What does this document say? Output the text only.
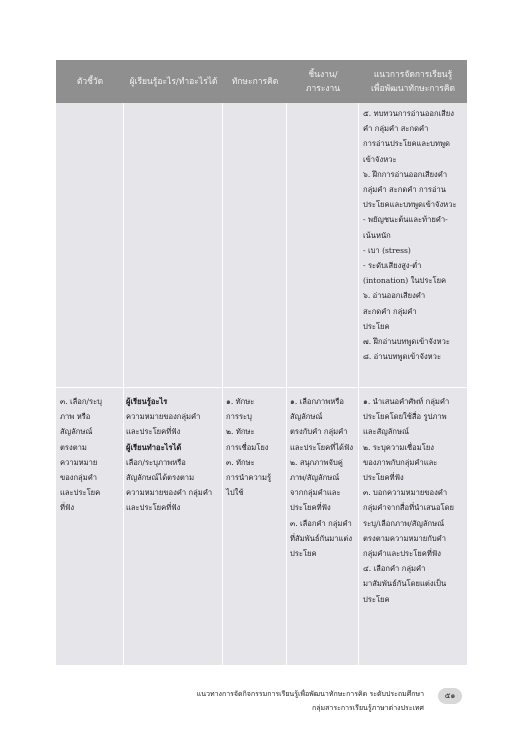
ตัวชี้วัด	ผู้เรียนรู้อะไร/ทำอะไรได้	ทักษะการคิด
ชิ้นงาน/
ภาระงาน
แนวการจัดการเรียนรู้
เพื่อพัฒนาทักษะการคิด
๕. ทบทวนการอ่านออกเสียง
คำ กลุ่มคำ สะกดคำ
การอ่านประโยคและบทพูด
เข้าจังหวะ
๖. ฝึกการอ่านออกเสียงคำ
กลุ่มคำ สะกดคำ การอ่าน
ประโยคและบทพูดเข้าจังหวะ
- พยัญชนะต้นและท้ายคำ-
เน้นหนัก
- เบา (stress)
- ระดับเสียงสูง-ต่ำ
(intonation) ในประโยค
๖. อ่านออกเสียงคำ
สะกดคำ กลุ่มคำ
ประโยค
๗. ฝึกอ่านบทพูดเข้าจังหวะ
๘. อ่านบทพูดเข้าจังหวะ
๓. เลือก/ระบุ
ภาพ หรือ
สัญลักษณ์
ตรงตาม
ความหมาย
ของกลุ่มคำ
และประโยค
ที่ฟัง
ผู้เรียนรู้อะไร
ความหมายของกลุ่มคำ
และประโยคที่ฟัง
ผู้เรียนทำอะไรได้
เลือก/ระบุภาพหรือ
สัญลักษณ์ได้ตรงตาม
ความหมายของคำ กลุ่มคำ
และประโยคที่ฟัง
๑. ทักษะ
การระบุ
๒. ทักษะ
การเชื่อมโยง
๓. ทักษะ
การนำความรู้
ไปใช้
๑. เลือกภาพหรือ
สัญลักษณ์
ตรงกับคำ กลุ่มคำ
และประโยคที่ได้ฟัง
๒. สนุกภาพจับคู่
ภาพ/สัญลักษณ์
จากกลุ่มคำและ
ประโยคที่ฟัง
๓. เลือกคำ กลุ่มคำ
ที่สัมพันธ์กันมาแต่ง
ประโยค
๑. นำเสนอคำศัพท์ กลุ่มคำ
ประโยคโดยใช้สื่อ รูปภาพ
และสัญลักษณ์
๒. ระบุความเชื่อมโยง
ของภาพกับกลุ่มคำและ
ประโยคที่ฟัง
๓. บอกความหมายของคำ
กลุ่มคำจากสื่อที่นำเสนอโดย
ระบุ/เลือกภาพ/สัญลักษณ์
ตรงตามความหมายกับคำ
กลุ่มคำและประโยคที่ฟัง
๔. เลือกคำ กลุ่มคำ
มาสัมพันธ์กันโดยแต่งเป็น
ประโยค
แนวทางการจัดกิจกรรมการเรียนรู้เพื่อพัฒนาทักษะการคิด ระดับประถมศึกษา
กลุ่มสาระการเรียนรู้ภาษาต่างประเทศ
๕๑
